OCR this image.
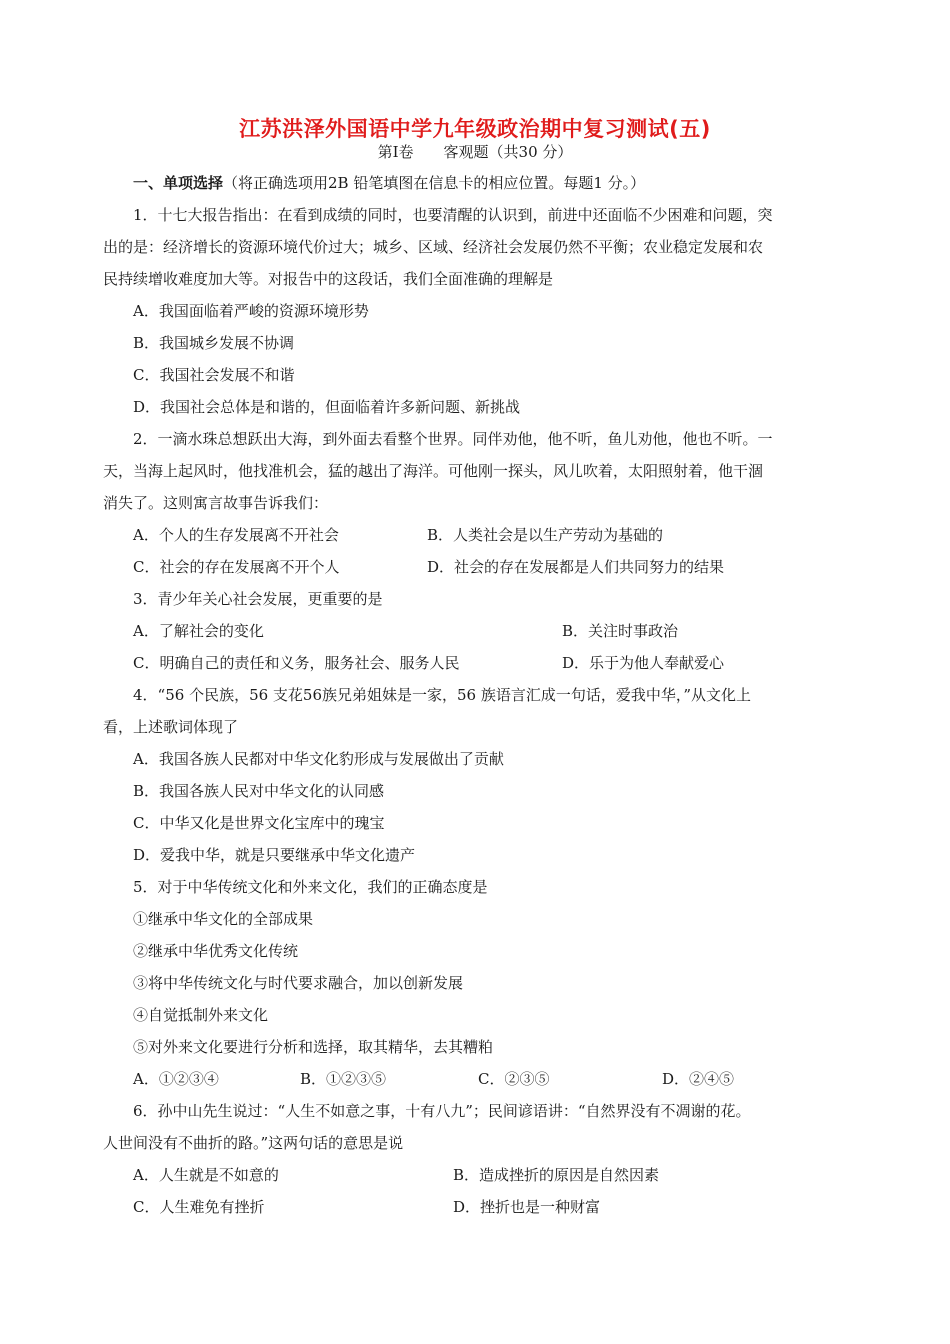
江苏洪泽外国语中学九年级政治期中复习测试(五)
第Ⅰ卷　　客观题（共30 分）
一、单项选择（将正确选项用2B 铅笔填图在信息卡的相应位置。每题1 分。）
1．十七大报告指出：在看到成绩的同时，也要清醒的认识到，前进中还面临不少困难和问题，突
出的是：经济增长的资源环境代价过大；城乡、区域、经济社会发展仍然不平衡；农业稳定发展和农
民持续增收难度加大等。对报告中的这段话，我们全面准确的理解是
A．我国面临着严峻的资源环境形势
B．我国城乡发展不协调
C．我国社会发展不和谐
D．我国社会总体是和谐的，但面临着许多新问题、新挑战
2．一滴水珠总想跃出大海，到外面去看整个世界。同伴劝他，他不听，鱼儿劝他，他也不听。一
天，当海上起风时，他找准机会，猛的越出了海洋。可他刚一探头，风儿吹着，太阳照射着，他干涸
消失了。这则寓言故事告诉我们：
A．个人的生存发展离不开社会	B．人类社会是以生产劳动为基础的
C．社会的存在发展离不开个人	D．社会的存在发展都是人们共同努力的结果
3．青少年关心社会发展，更重要的是
A．了解社会的变化	B．关注时事政治
C．明确自己的责任和义务，服务社会、服务人民	D．乐于为他人奉献爱心
4．“56 个民族，56 支花56族兄弟姐妹是一家，56 族语言汇成一句话，爱我中华，”从文化上
看，上述歌词体现了
A．我国各族人民都对中华文化豹形成与发展做出了贡献
B．我国各族人民对中华文化的认同感
C．中华又化是世界文化宝库中的瑰宝
D．爱我中华，就是只要继承中华文化遗产
5．对于中华传统文化和外来文化，我们的正确态度是
①继承中华文化的全部成果
②继承中华优秀文化传统
③将中华传统文化与时代要求融合，加以创新发展
④自觉抵制外来文化
⑤对外来文化要进行分析和选择，取其精华，去其糟粕
A．①②③④	B．①②③⑤	C．②③⑤	D．②④⑤
6．孙中山先生说过：“人生不如意之事，十有八九”；民间谚语讲：“自然界没有不凋谢的花。
人世间没有不曲折的路。”这两句话的意思是说
A．人生就是不如意的	B．造成挫折的原因是自然因素
C．人生难免有挫折	D．挫折也是一种财富
